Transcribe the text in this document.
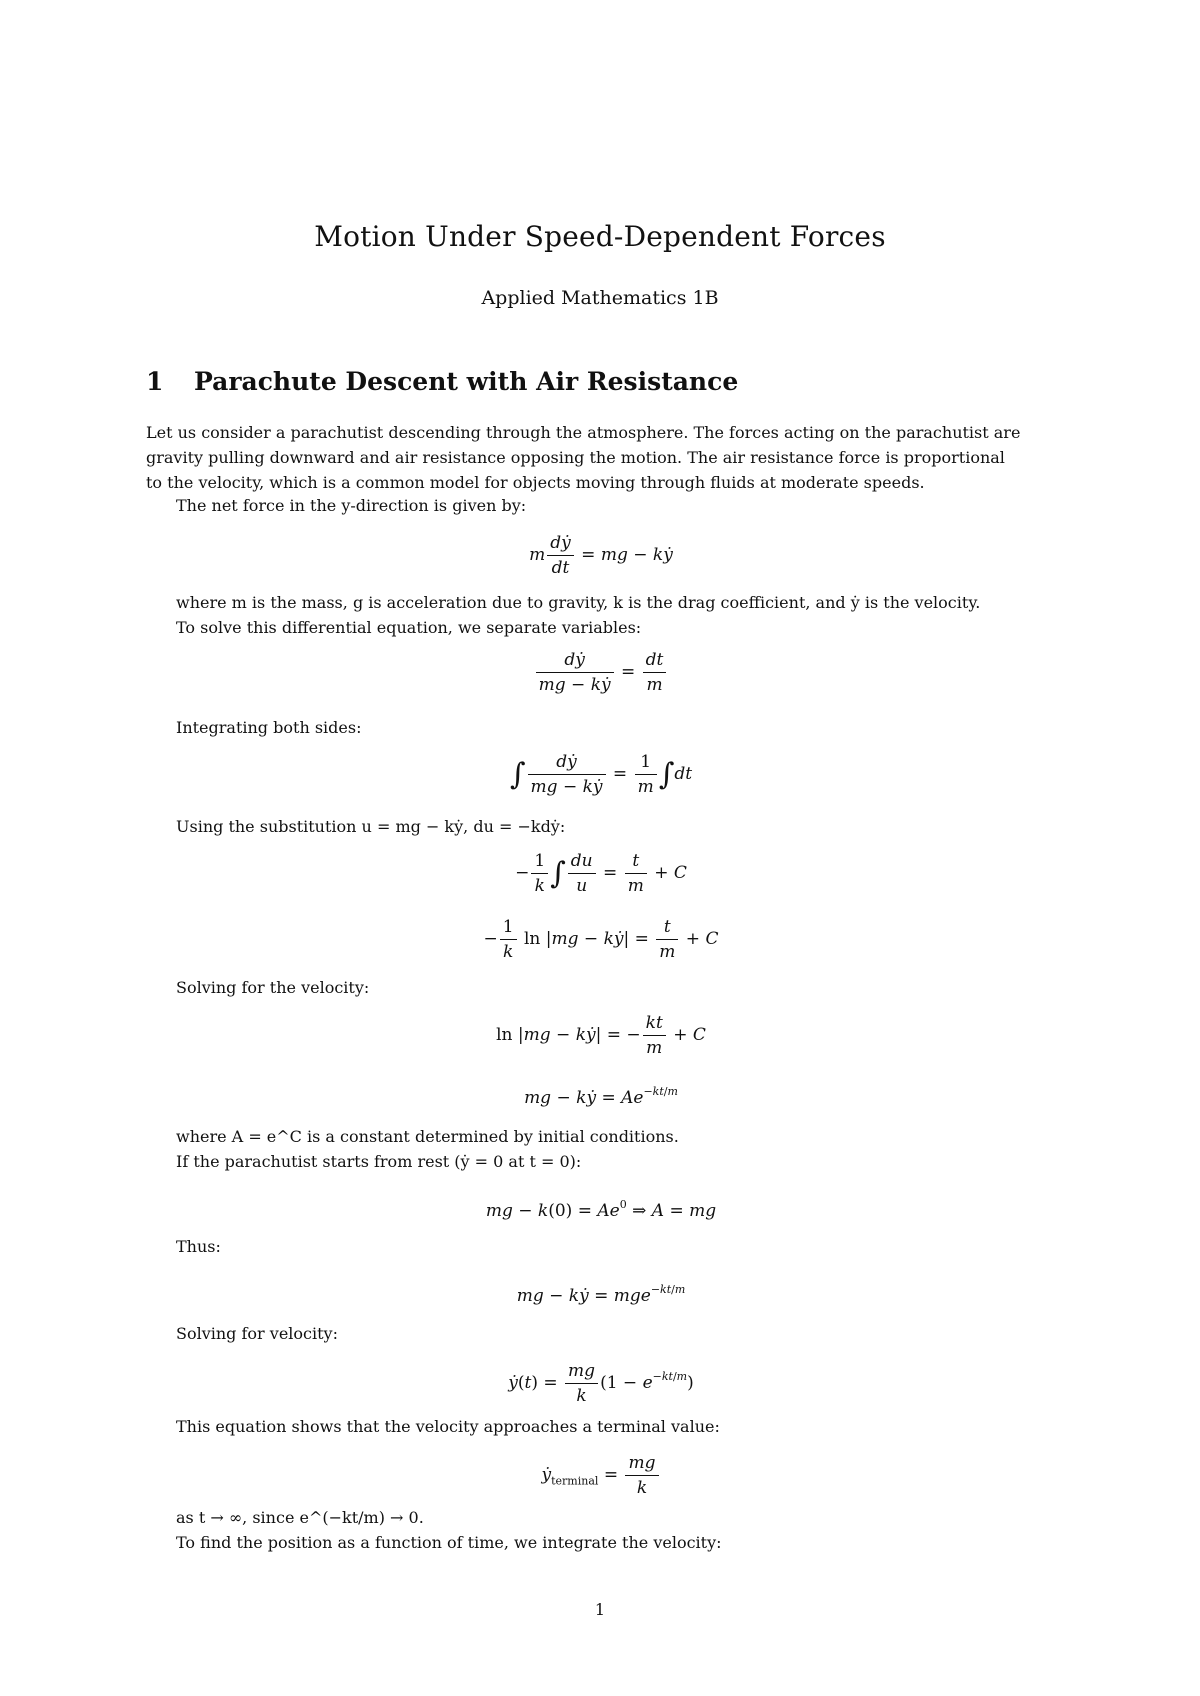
Motion Under Speed-Dependent Forces
Applied Mathematics 1B
1 Parachute Descent with Air Resistance
Let us consider a parachutist descending through the atmosphere. The forces acting on the parachutist are
gravity pulling downward and air resistance opposing the motion. The air resistance force is proportional
to the velocity, which is a common model for objects moving through fluids at moderate speeds.
The net force in the y-direction is given by:
m $\frac{\text{dẏ}}{dt}$ = mg − kẏ
where m is the mass, g is acceleration due to gravity, k is the drag coefficient, and ẏ is the velocity.
To solve this differential equation, we separate variables:
$\frac{\text{dẏ}}{\text{mg − kẏ}} = \frac{dt}{m}$
Integrating both sides:
∫ $\frac{\text{dẏ}}{\text{mg − kẏ}} = \frac{1}{m} \int dt$
Using the substitution u = mg − kẏ, du = −kdẏ:
− $\frac{1}{k}$ ∫ $\frac{du}{u} = \frac{t}{m} + C$
− $\frac{1}{k}$ ln |mg − kẏ| = $\frac{t}{m} + C$
Solving for the velocity:
ln |mg − kẏ| = − $\frac{kt}{m} + C$
mg − kẏ = $Ae^{-kt/m}$
where A = e^C is a constant determined by initial conditions.
If the parachutist starts from rest (ẏ = 0 at t = 0):
mg − $k(0) = Ae^0$ ⇒ A = mg
Thus:
mg − kẏ = mge$^{-kt/m}$
Solving for velocity:
ẏ(t) = $\frac{mg}{k} (1 - e^{-kt/m})$
This equation shows that the velocity approaches a terminal value:
ẏ$_{terminal}$ = $\frac{mg}{k}$
as t → ∞, since e^(−kt/m) → 0.
To find the position as a function of time, we integrate the velocity:
1
